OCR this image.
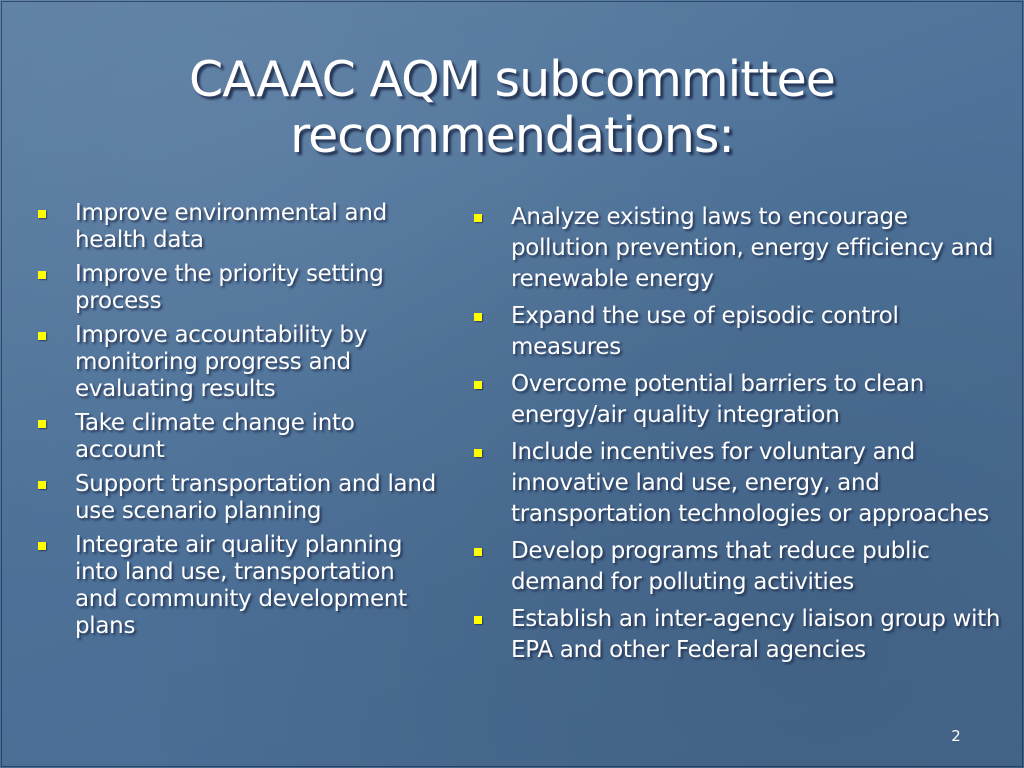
CAAAC AQM subcommittee
recommendations:
Improve environmental and health data
Improve the priority setting process
Improve accountability by monitoring progress and evaluating results
Take climate change into account
Support transportation and land use scenario planning
Integrate air quality planning into land use, transportation and community development plans
Analyze existing laws to encourage pollution prevention, energy efficiency and renewable energy
Expand the use of episodic control measures
Overcome potential barriers to clean energy/air quality integration
Include incentives for voluntary and innovative land use, energy, and transportation technologies or approaches
Develop programs that reduce public demand for polluting activities
Establish an inter-agency liaison group with EPA and other Federal agencies
2
